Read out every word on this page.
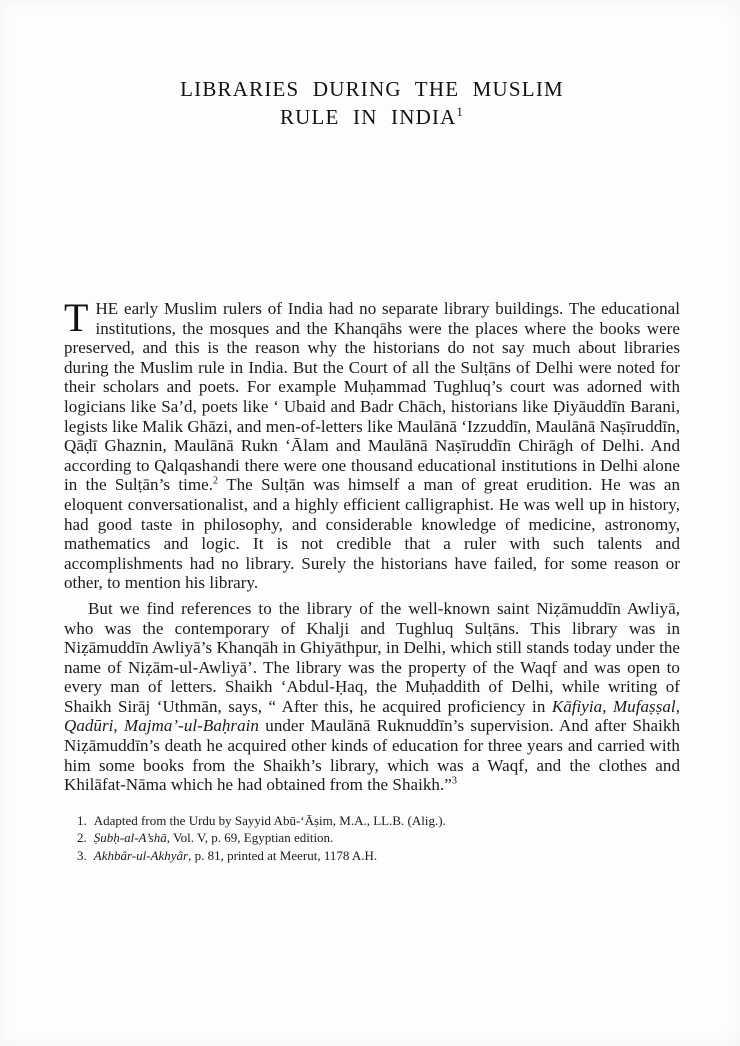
LIBRARIES DURING THE MUSLIM
RULE IN INDIA$^1$

THE early Muslim rulers of India had no separate library buildings. The educational institutions, the mosques and the Khanqāhs were the places where the books were preserved, and this is the reason why the historians do not say much about libraries during the Muslim rule in India. But the Court of all the Sulṭāns of Delhi were noted for their scholars and poets. For example Muḥammad Tughluq’s court was adorned with logicians like Sa’d, poets like ‘ Ubaid and Badr Chāch, historians like Ḍiyāuddīn Barani, legists like Malik Ghāzi, and men-of-letters like Maulānā ‘Izzuddīn, Maulānā Naṣīruddīn, Qāḍī Ghaznin, Maulānā Rukn ‘Ālam and Maulānā Naṣīruddīn Chirāgh of Delhi. And according to Qalqashandi there were one thousand educational institutions in Delhi alone in the Sulṭān’s time.$^2$ The Sulṭān was himself a man of great erudition. He was an eloquent conversationalist, and a highly efficient calligraphist. He was well up in history, had good taste in philosophy, and considerable knowledge of medicine, astronomy, mathematics and logic. It is not credible that a ruler with such talents and accomplishments had no library. Surely the historians have failed, for some reason or other, to mention his library.

But we find references to the library of the well-known saint Niẓāmuddīn Awliyā, who was the contemporary of Khalji and Tughluq Sulṭāns. This library was in Niẓāmuddīn Awliyā’s Khanqāh in Ghiyāthpur, in Delhi, which still stands today under the name of Niẓām-ul-Awliyā’. The library was the property of the Waqf and was open to every man of letters. Shaikh ‘Abdul-Ḥaq, the Muḥaddith of Delhi, while writing of Shaikh Sirāj ‘Uthmān, says, “ After this, he acquired proficiency in Kāfiyia, Mufaṣṣal, Qadūri, Majma’-ul-Baḥrain under Maulānā Ruknuddīn’s supervision. And after Shaikh Niẓāmuddīn’s death he acquired other kinds of education for three years and carried with him some books from the Shaikh’s library, which was a Waqf, and the clothes and Khilāfat-Nāma which he had obtained from the Shaikh.”$^3$

1. Adapted from the Urdu by Sayyid Abū-‘Āṣim, M.A., LL.B. (Alig.).
2. Ṣubḥ-al-A’shā, Vol. V, p. 69, Egyptian edition.
3. Akhbâr-ul-Akhyâr, p. 81, printed at Meerut, 1178 A.H.
